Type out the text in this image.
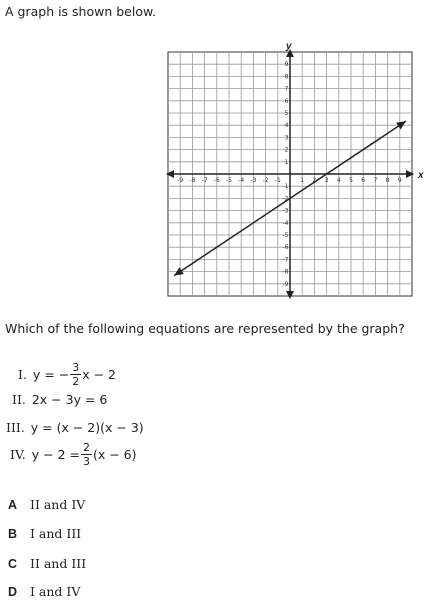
A graph is shown below.
-9 -8 -7 -6 -5 -4 -3 -2 -1	1 2 3 4 5 6 7 8 9
9
8
7
6
5
4
3
2
1
-1
-2
-3
-4
-5
-6
-7
-8
-9
x
y
Which of the following equations are represented by the graph?
I. y = − $\frac{3}{2}$ x − 2
II. 2x − 3y = 6
III. y = (x − 2)(x − 3)
IV. $y - 2 = \frac{2}{3} (x - 6)$
A	II and IV
B	I and III
C	II and III
D	I and IV
